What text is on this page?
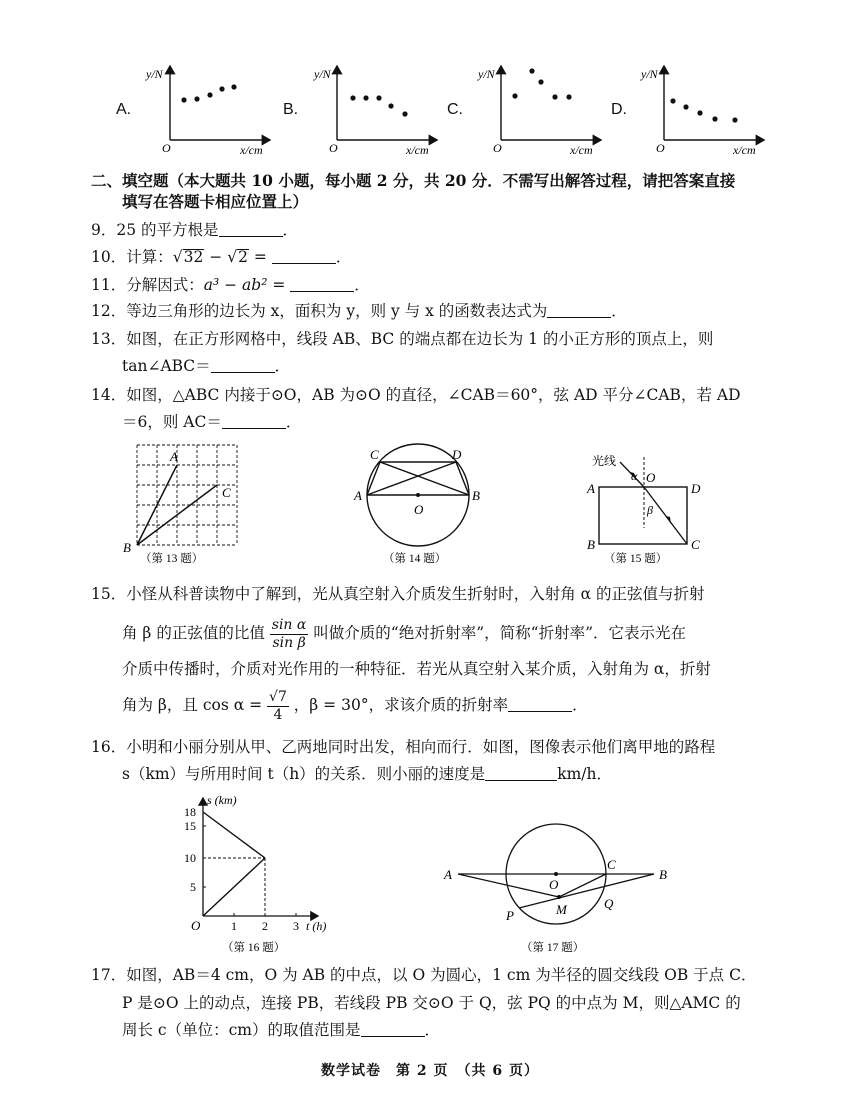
A.	B.	C.	D.
y/N
O	x/cm
y/N
O	x/cm
y/N
O	x/cm
y/N
O	x/cm
二、填空题（本大题共 10 小题，每小题 2 分，共 20 分．不需写出解答过程，请把答案直接
填写在答题卡相应位置上）
9．25 的平方根是	．
10．计算：√32 − √2 =	．
11．分解因式：a³ − ab² =	．
12．等边三角形的边长为 x，面积为 y，则 y 与 x 的函数表达式为	．
13．如图，在正方形网格中，线段 AB、BC 的端点都在边长为 1 的小正方形的顶点上，则
tan∠ABC＝	．
14．如图，△ABC 内接于⊙O，AB 为⊙O 的直径，∠CAB＝60°，弦 AD 平分∠CAB，若 AD
＝6，则 AC＝	．
A
B
C
（第 13 题）
C	D
A	B
O
（第 14 题）
光线
α O
β
A	D
B	C
（第 15 题）
15．小怪从科普读物中了解到，光从真空射入介质发生折射时，入射角 α 的正弦值与折射
角 β 的正弦值的比值 $\frac{\text{sin α}}{\text{sin β}}$ 叫做介质的“绝对折射率”，简称“折射率”．它表示光在
介质中传播时，介质对光作用的一种特征．若光从真空射入某介质，入射角为 α，折射
角为 β，且 $\cos \alpha = \frac{√7}{4}$ ，β = 30°，求该介质的折射率	．
16．小明和小丽分别从甲、乙两地同时出发，相向而行．如图，图像表示他们离甲地的路程
s（km）与所用时间 t（h）的关系．则小丽的速度是	km/h．
s (km)
18
15
10
5
O	1 2 3 t (h)
（第 16 题）
A	B
O
C
P
Q
M
（第 17 题）
17．如图，AB＝4 cm，O 为 AB 的中点，以 O 为圆心，1 cm 为半径的圆交线段 OB 于点 C．
P 是⊙O 上的动点，连接 PB，若线段 PB 交⊙O 于 Q，弦 PQ 的中点为 M，则△AMC 的
周长 c（单位：cm）的取值范围是	．
数学试卷　第 2 页　（共 6 页）
